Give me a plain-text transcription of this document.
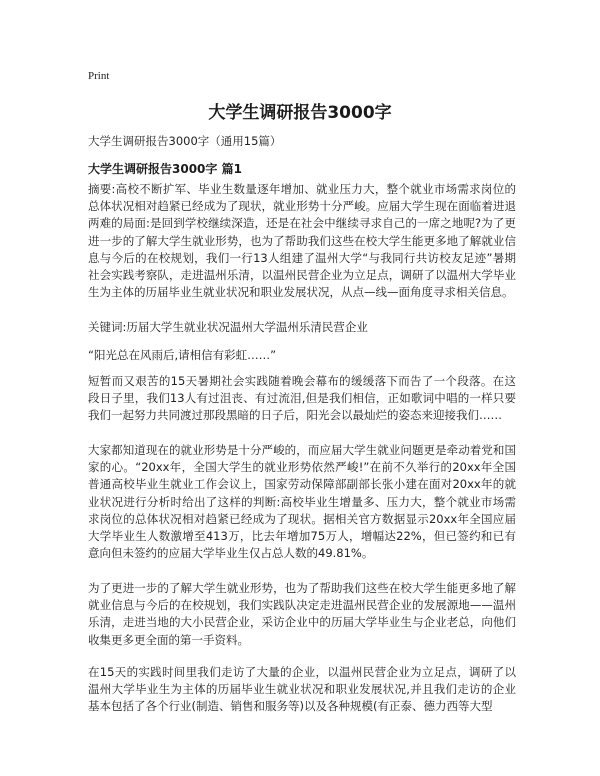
Print
大学生调研报告3000字
大学生调研报告3000字（通用15篇）
大学生调研报告3000字 篇1

摘要:高校不断扩军、毕业生数量逐年增加、就业压力大，整个就业市场需求岗位的总体状况相对趋紧已经成为了现状，就业形势十分严峻。应届大学生现在面临着进退两难的局面:是回到学校继续深造，还是在社会中继续寻求自己的一席之地呢?为了更进一步的了解大学生就业形势，也为了帮助我们这些在校大学生能更多地了解就业信息与今后的在校规划，我们一行13人组建了温州大学“与我同行共访校友足迹”暑期社会实践考察队，走进温州乐清，以温州民营企业为立足点，调研了以温州大学毕业生为主体的历届毕业生就业状况和职业发展状况，从点—线—面角度寻求相关信息。

关键词:历届大学生就业状况温州大学温州乐清民营企业

“阳光总在风雨后,请相信有彩虹……”

短暂而又艰苦的15天暑期社会实践随着晚会幕布的缓缓落下而告了一个段落。在这段日子里，我们13人有过沮丧、有过流泪,但是我们相信，正如歌词中唱的一样只要我们一起努力共同渡过那段黑暗的日子后，阳光会以最灿烂的姿态来迎接我们……

大家都知道现在的就业形势是十分严峻的，而应届大学生就业问题更是牵动着党和国家的心。“20xx年，全国大学生的就业形势依然严峻!”在前不久举行的20xx年全国普通高校毕业生就业工作会议上，国家劳动保障部副部长张小建在面对20xx年的就业状况进行分析时给出了这样的判断:高校毕业生增量多、压力大，整个就业市场需求岗位的总体状况相对趋紧已经成为了现状。据相关官方数据显示20xx年全国应届大学毕业生人数激增至413万，比去年增加75万人，增幅达22%，但已签约和已有意向但未签约的应届大学毕业生仅占总人数的49.81%。

为了更进一步的了解大学生就业形势，也为了帮助我们这些在校大学生能更多地了解就业信息与今后的在校规划，我们实践队决定走进温州民营企业的发展源地——温州乐清，走进当地的大小民营企业，采访企业中的历届大学毕业生与企业老总，向他们收集更多更全面的第一手资料。

在15天的实践时间里我们走访了大量的企业，以温州民营企业为立足点，调研了以温州大学毕业生为主体的历届毕业生就业状况和职业发展状况,并且我们走访的企业基本包括了各个行业(制造、销售和服务等)以及各种规模(有正泰、德力西等大型
